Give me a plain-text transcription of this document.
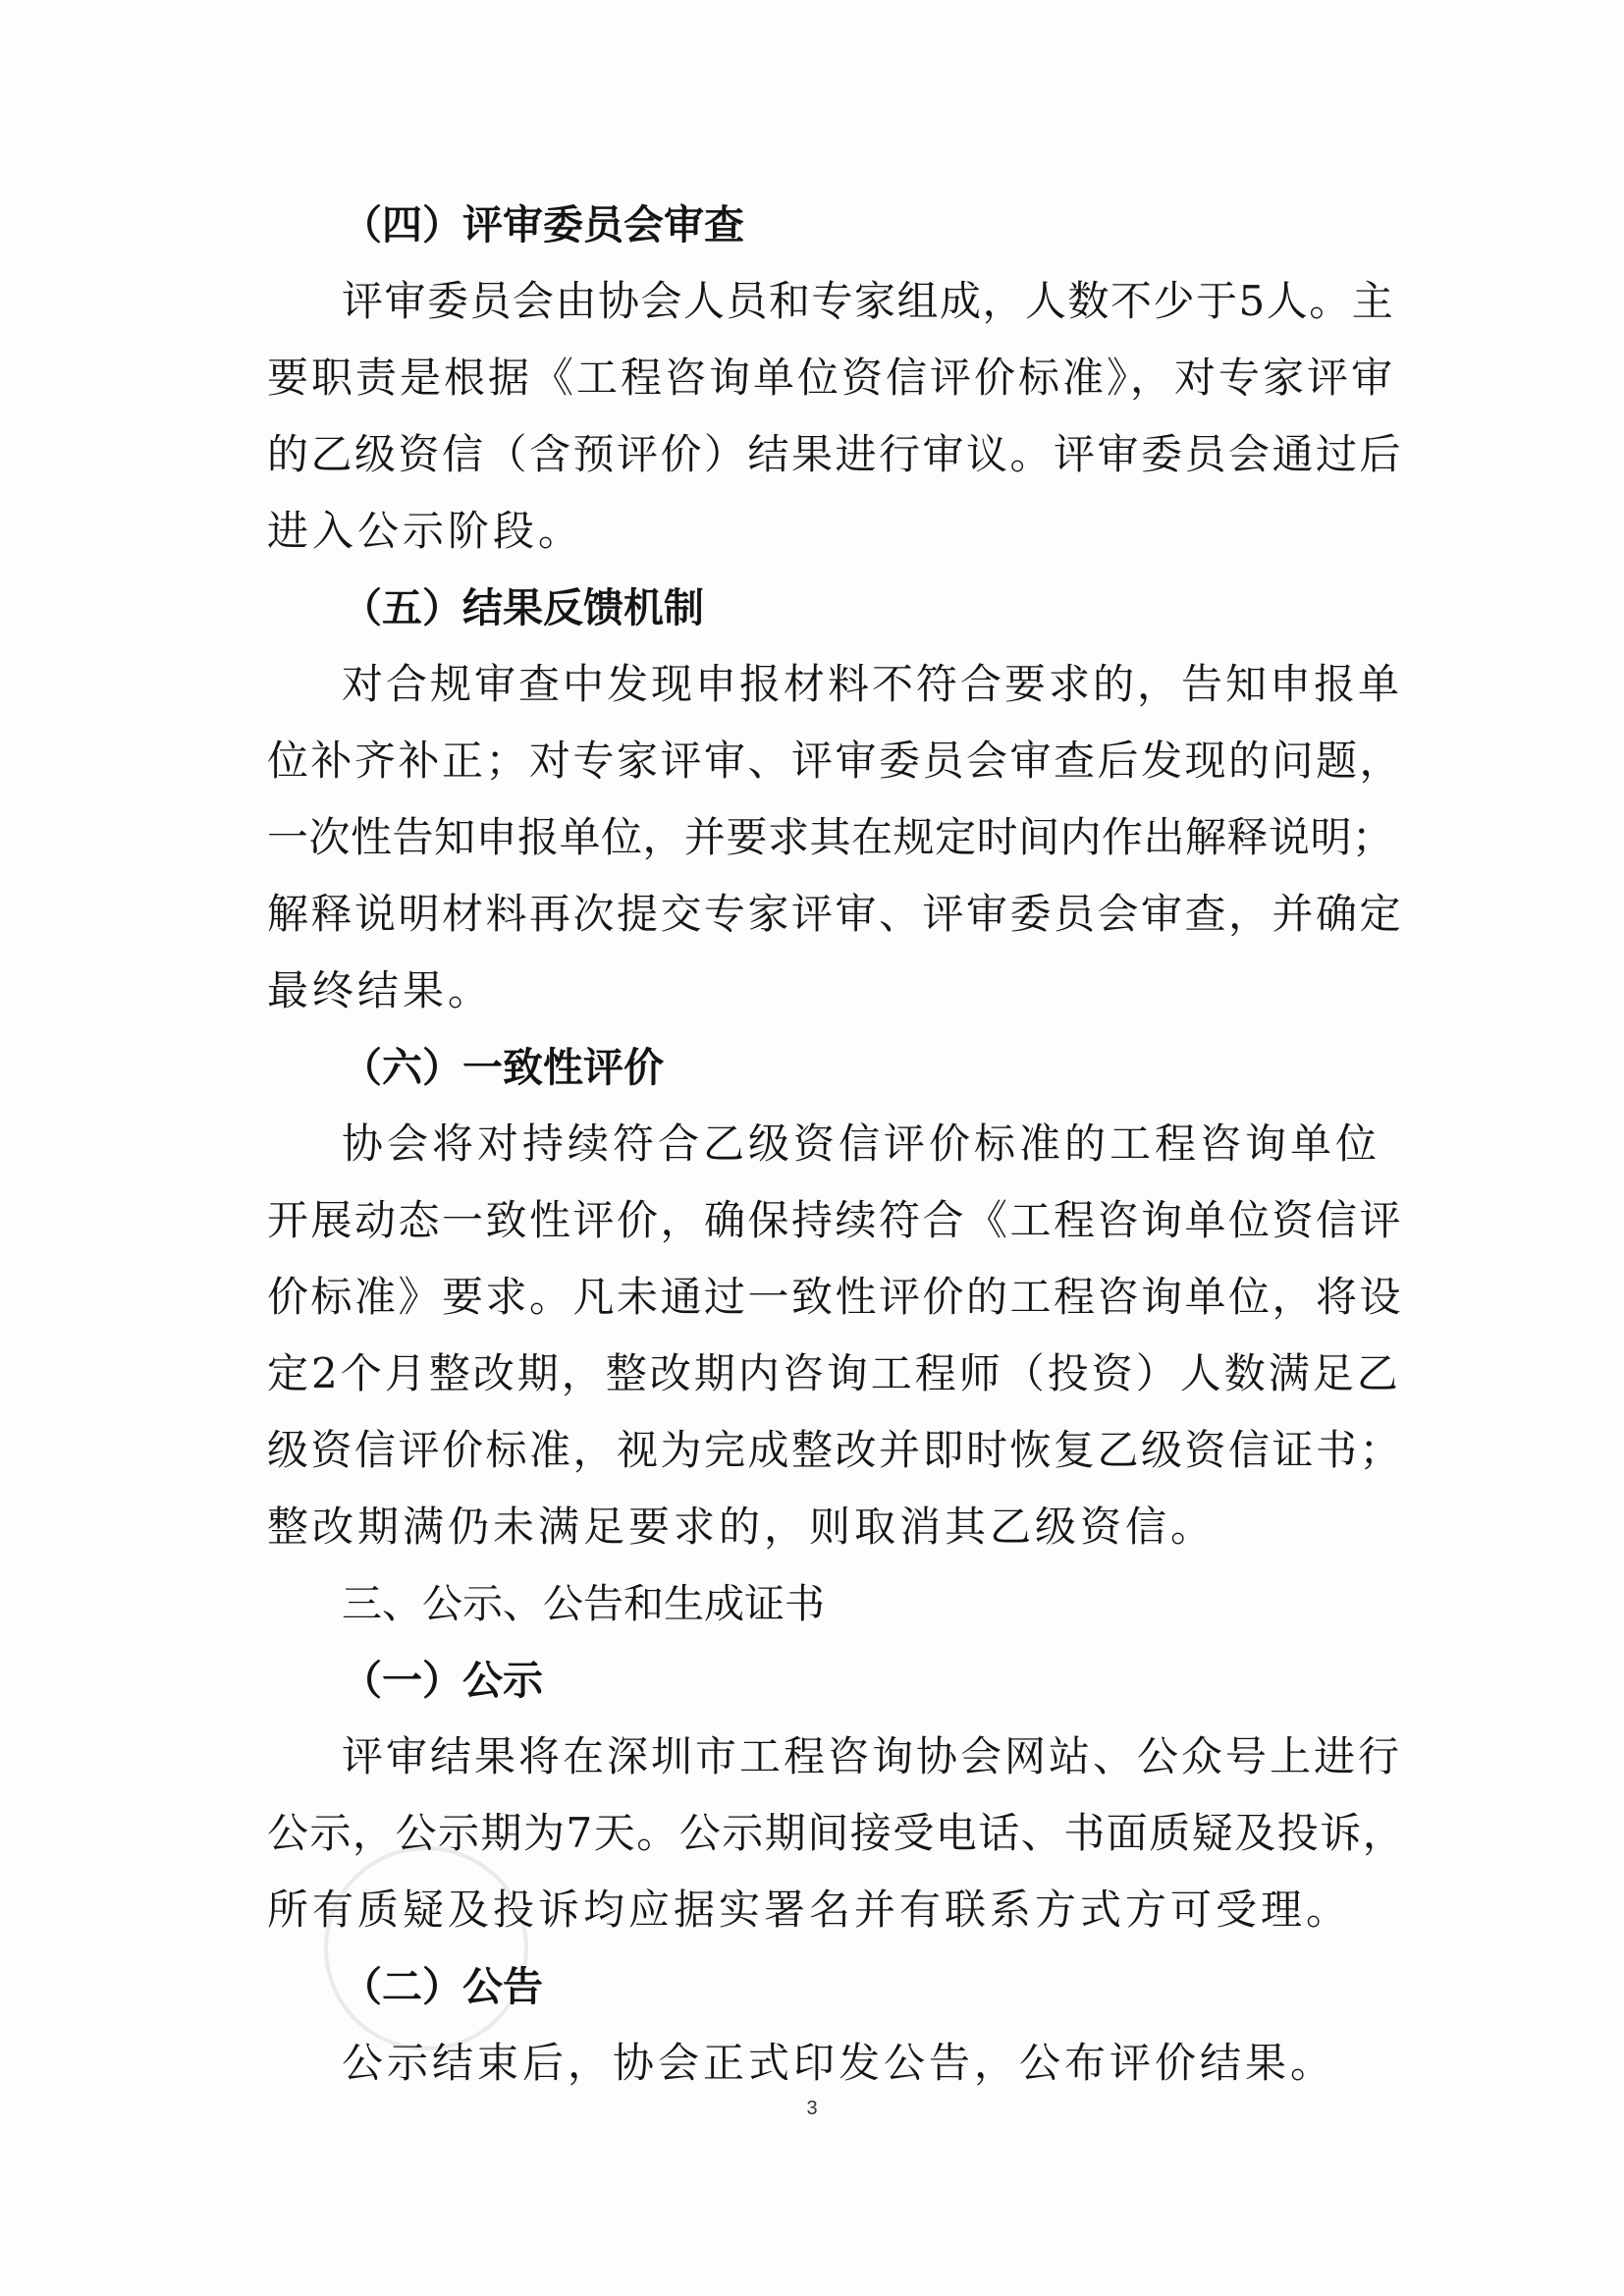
（四）评审委员会审查
评审委员会由协会人员和专家组成，人数不少于5人。主
要职责是根据《工程咨询单位资信评价标准》，对专家评审
的乙级资信（含预评价）结果进行审议。评审委员会通过后
进入公示阶段。
（五）结果反馈机制
对合规审查中发现申报材料不符合要求的，告知申报单
位补齐补正；对专家评审、评审委员会审查后发现的问题，
一次性告知申报单位，并要求其在规定时间内作出解释说明；
解释说明材料再次提交专家评审、评审委员会审查，并确定
最终结果。
（六）一致性评价
协会将对持续符合乙级资信评价标准的工程咨询单位
开展动态一致性评价，确保持续符合《工程咨询单位资信评
价标准》要求。凡未通过一致性评价的工程咨询单位，将设
定2个月整改期，整改期内咨询工程师（投资）人数满足乙
级资信评价标准，视为完成整改并即时恢复乙级资信证书；
整改期满仍未满足要求的，则取消其乙级资信。
三、公示、公告和生成证书
（一）公示
评审结果将在深圳市工程咨询协会网站、公众号上进行
公示，公示期为7天。公示期间接受电话、书面质疑及投诉，
所有质疑及投诉均应据实署名并有联系方式方可受理。
（二）公告
公示结束后，协会正式印发公告，公布评价结果。
3
